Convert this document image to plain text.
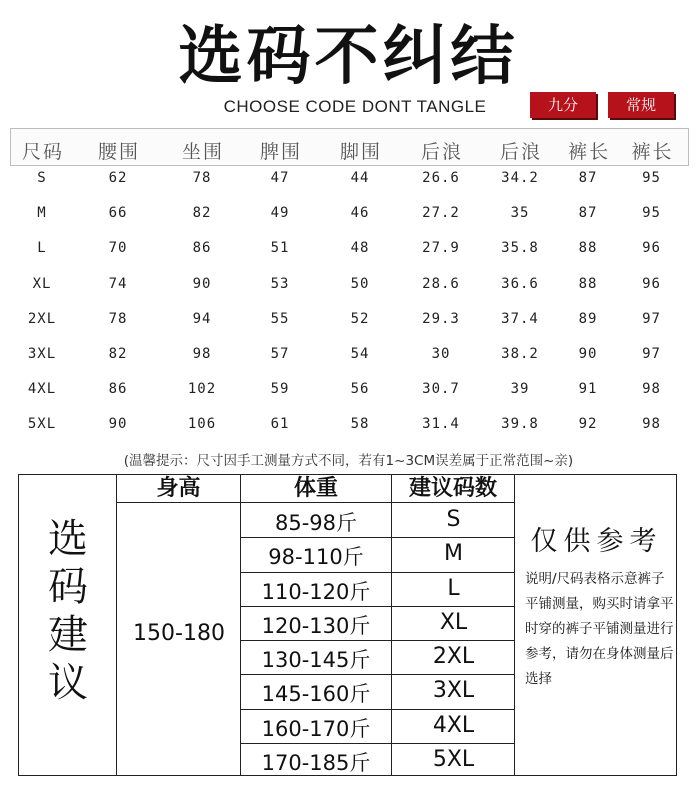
选码不纠结
CHOOSE CODE DONT TANGLE	九分	常规
尺码	腰围	坐围	脾围	脚围	后浪	后浪	裤长	裤长
S	62	78	47	44	26.6	34.2	87	95
M	66	82	49	46	27.2	35	87	95
L	70	86	51	48	27.9	35.8	88	96
XL	74	90	53	50	28.6	36.6	88	96
2XL	78	94	55	52	29.3	37.4	89	97
3XL	82	98	57	54	30	38.2	90	97
4XL	86	102	59	56	30.7	39	91	98
5XL	90	106	61	58	31.4	39.8	92	98
(温馨提示：尺寸因手工测量方式不同，若有1~3CM误差属于正常范围~亲)
选
码
建
议
身高	体重	建议码数
150-180
85-98斤	S
98-110斤	M
110-120斤	L
120-130斤	XL
130-145斤	2XL
145-160斤	3XL
160-170斤	4XL
170-185斤	5XL
仅供参考
说明/尺码表格示意裤子平铺测量，购买时请拿平时穿的裤子平铺测量进行参考，请勿在身体测量后选择
